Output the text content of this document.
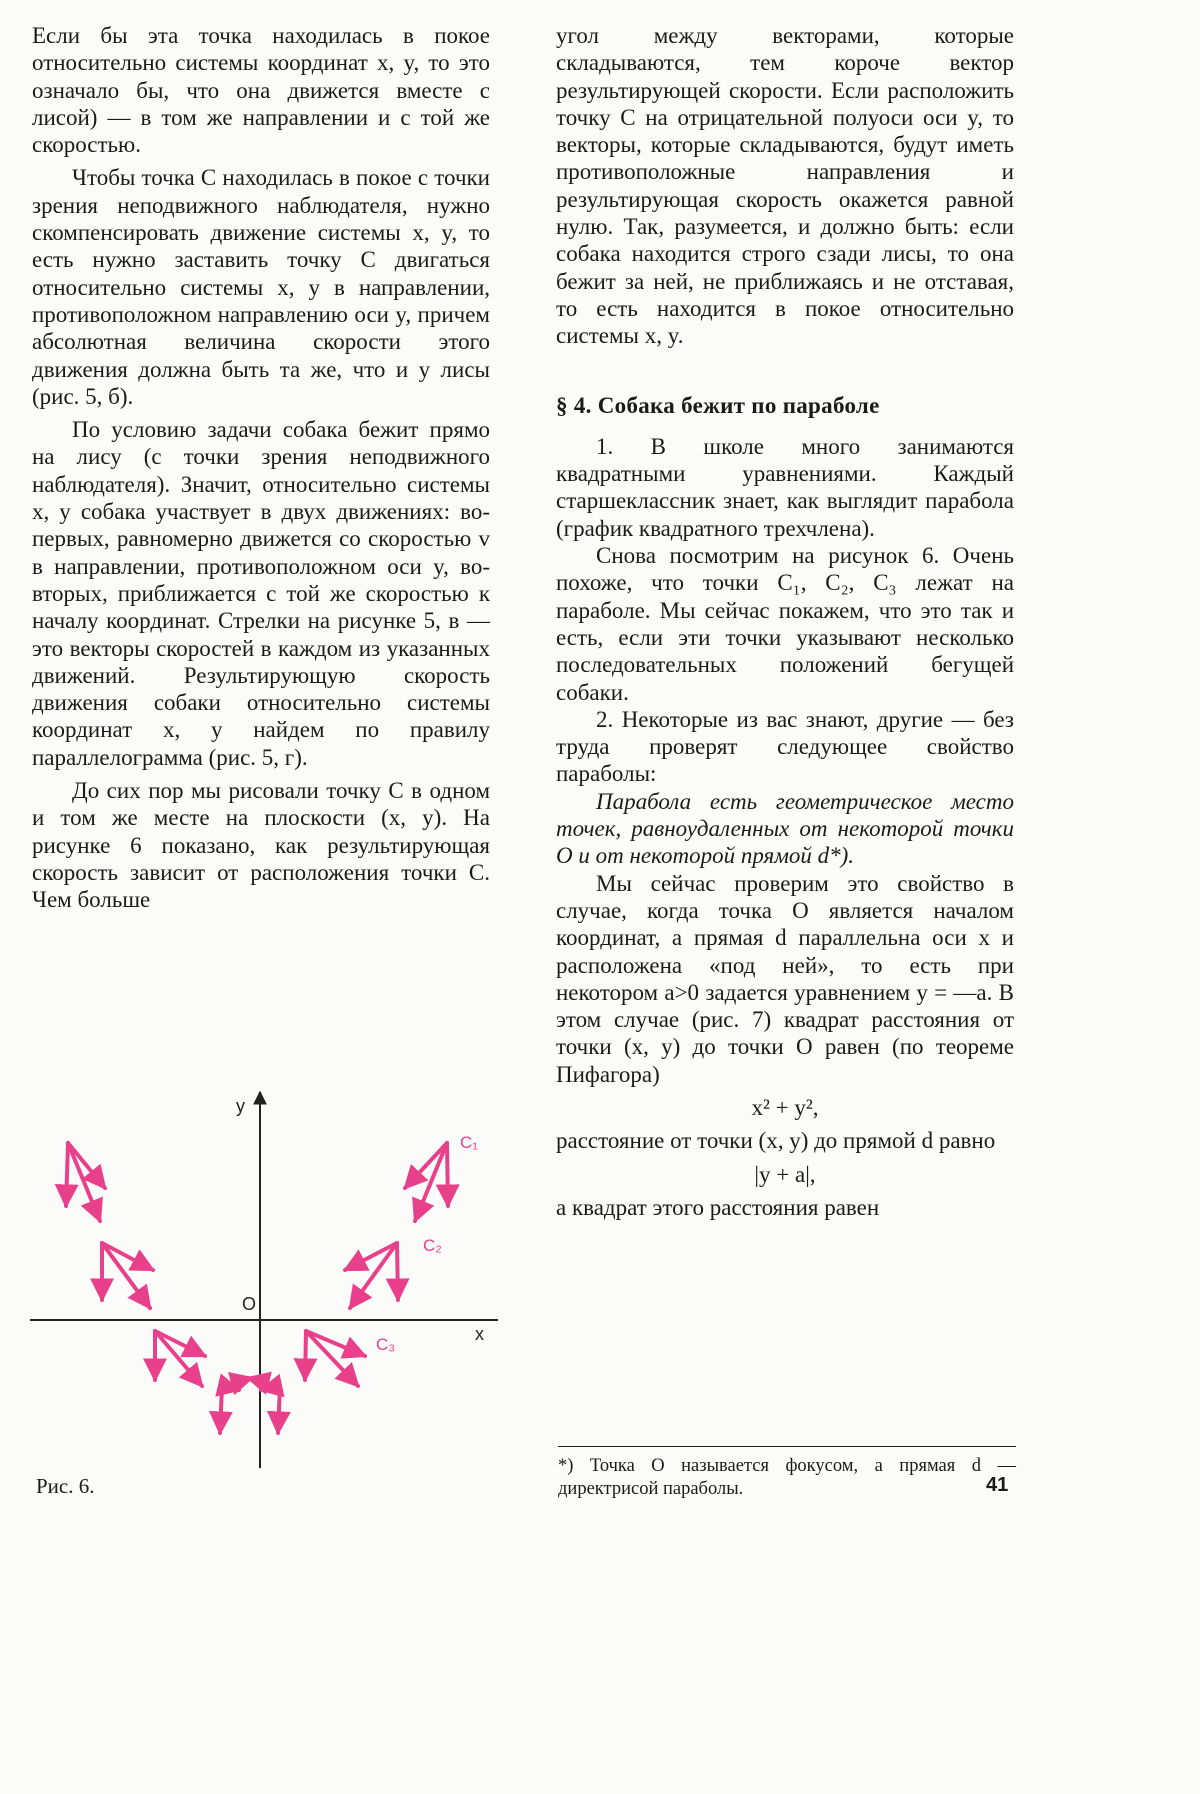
Если бы эта точка находилась в покое относительно системы координат x, y, то это означало бы, что она движется вместе с лисой) — в том же направлении и с той же скоростью.

Чтобы точка C находилась в покое с точки зрения неподвижного наблюдателя, нужно скомпенсировать движение системы x, y, то есть нужно заставить точку C двигаться относительно системы x, y в направлении, противоположном направлению оси y, причем абсолютная величина скорости этого движения должна быть та же, что и у лисы (рис. 5, б).

По условию задачи собака бежит прямо на лису (с точки зрения неподвижного наблюдателя). Значит, относительно системы x, y собака участвует в двух движениях: во-первых, равномерно движется со скоростью v в направлении, противоположном оси y, во-вторых, приближается с той же скоростью к началу координат. Стрелки на рисунке 5, в — это векторы скоростей в каждом из указанных движений. Результирующую скорость движения собаки относительно системы координат x, y найдем по правилу параллелограмма (рис. 5, г).

До сих пор мы рисовали точку C в одном и том же месте на плоскости (x, y). На рисунке 6 показано, как результирующая скорость зависит от расположения точки C. Чем больше

угол между векторами, которые складываются, тем короче вектор результирующей скорости. Если расположить точку C на отрицательной полуоси оси y, то векторы, которые складываются, будут иметь противоположные направления и результирующая скорость окажется равной нулю. Так, разумеется, и должно быть: если собака находится строго сзади лисы, то она бежит за ней, не приближаясь и не отставая, то есть находится в покое относительно системы x, y.

§ 4. Собака бежит по параболе

1. В школе много занимаются квадратными уравнениями. Каждый старшеклассник знает, как выглядит парабола (график квадратного трехчлена).

Снова посмотрим на рисунок 6. Очень похоже, что точки C₁, C₂, C₃ лежат на параболе. Мы сейчас покажем, что это так и есть, если эти точки указывают несколько последовательных положений бегущей собаки.

2. Некоторые из вас знают, другие — без труда проверят следующее свойство параболы:

Парабола есть геометрическое место точек, равноудаленных от некоторой точки O и от некоторой прямой d*).

Мы сейчас проверим это свойство в случае, когда точка O является началом координат, а прямая d параллельна оси x и расположена «под ней», то есть при некотором a>0 задается уравнением y = —a. В этом случае (рис. 7) квадрат расстояния от точки (x, y) до точки O равен (по теореме Пифагора)

x² + y²,

расстояние от точки (x, y) до прямой d равно

|y + a|,

а квадрат этого расстояния равен

y
x
O
C₁
C₂
C₃
Рис. 6.
*) Точка O называется фокусом, а прямая d — директрисой параболы.	41
